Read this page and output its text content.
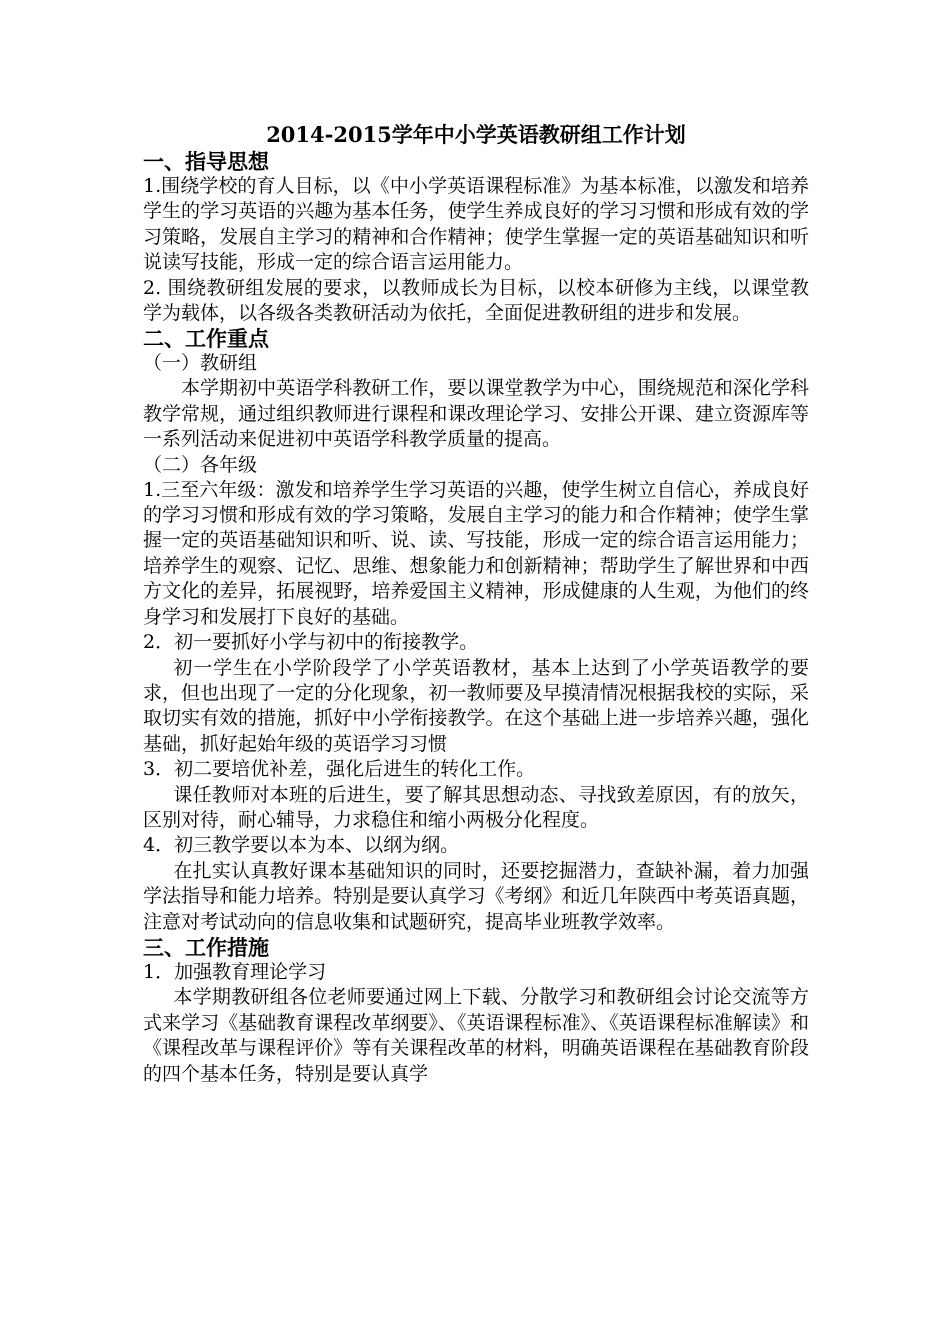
2014-2015学年中小学英语教研组工作计划
一、指导思想
1.围绕学校的育人目标，以《中小学英语课程标准》为基本标准，以激发和培养学生的学习英语的兴趣为基本任务，使学生养成良好的学习习惯和形成有效的学习策略，发展自主学习的精神和合作精神；使学生掌握一定的英语基础知识和听说读写技能，形成一定的综合语言运用能力。
2. 围绕教研组发展的要求，以教师成长为目标，以校本研修为主线，以课堂教学为载体，以各级各类教研活动为依托，全面促进教研组的进步和发展。
二、工作重点
（一）教研组
本学期初中英语学科教研工作，要以课堂教学为中心，围绕规范和深化学科教学常规，通过组织教师进行课程和课改理论学习、安排公开课、建立资源库等一系列活动来促进初中英语学科教学质量的提高。
（二）各年级
1.三至六年级：激发和培养学生学习英语的兴趣，使学生树立自信心，养成良好的学习习惯和形成有效的学习策略，发展自主学习的能力和合作精神；使学生掌握一定的英语基础知识和听、说、读、写技能，形成一定的综合语言运用能力；培养学生的观察、记忆、思维、想象能力和创新精神；帮助学生了解世界和中西方文化的差异，拓展视野，培养爱国主义精神，形成健康的人生观，为他们的终身学习和发展打下良好的基础。
2．初一要抓好小学与初中的衔接教学。
初一学生在小学阶段学了小学英语教材，基本上达到了小学英语教学的要求，但也出现了一定的分化现象，初一教师要及早摸清情况根据我校的实际，采取切实有效的措施，抓好中小学衔接教学。在这个基础上进一步培养兴趣，强化基础，抓好起始年级的英语学习习惯
3．初二要培优补差，强化后进生的转化工作。
课任教师对本班的后进生，要了解其思想动态、寻找致差原因，有的放矢，区别对待，耐心辅导，力求稳住和缩小两极分化程度。
4．初三教学要以本为本、以纲为纲。
在扎实认真教好课本基础知识的同时，还要挖掘潜力，查缺补漏，着力加强学法指导和能力培养。特别是要认真学习《考纲》和近几年陕西中考英语真题，注意对考试动向的信息收集和试题研究，提高毕业班教学效率。
三、工作措施
1．加强教育理论学习
本学期教研组各位老师要通过网上下载、分散学习和教研组会讨论交流等方式来学习《基础教育课程改革纲要》、《英语课程标准》、《英语课程标准解读》和《课程改革与课程评价》等有关课程改革的材料，明确英语课程在基础教育阶段的四个基本任务，特别是要认真学
